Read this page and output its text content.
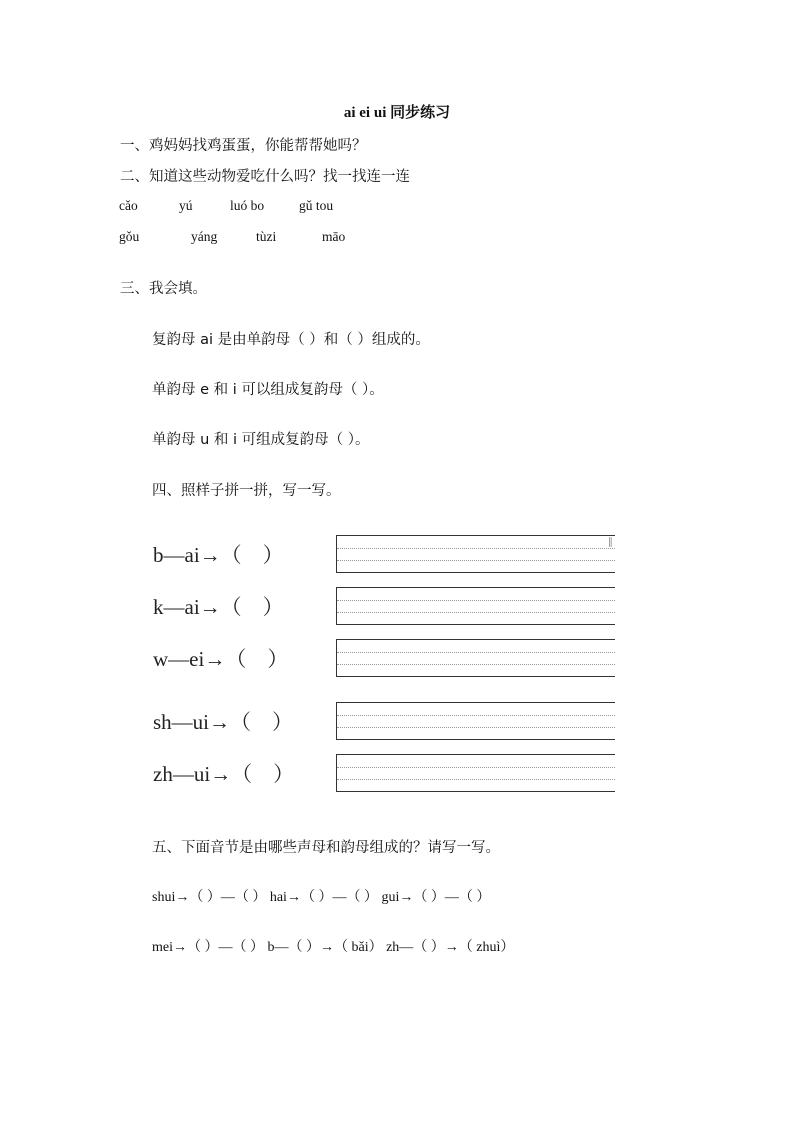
ai ei ui 同步练习
一、鸡妈妈找鸡蛋蛋，你能帮帮她吗？
二、知道这些动物爱吃什么吗？找一找连一连
cǎo	yú	luó bo	gǔ tou
gǒu	yáng	tùzi	māo
三、我会填。
复韵母 ai 是由单韵母（ ）和（ ）组成的。
单韵母 e 和 i 可以组成复韵母（ ）。
单韵母 u 和 i 可组成复韵母（ ）。
四、照样子拼一拼，写一写。
b—ai→（　）
∥
k—ai→（　）
w—ei→（　）
sh—ui→（　）
zh—ui→（　）
五、下面音节是由哪些声母和韵母组成的？请写一写。
shui→（ ）—（ ） hai→（ ）—（ ） gui→（ ）—（ ）
mei→（ ）—（ ） b—（ ）→（ bǎi） zh—（ ）→（ zhuì）
